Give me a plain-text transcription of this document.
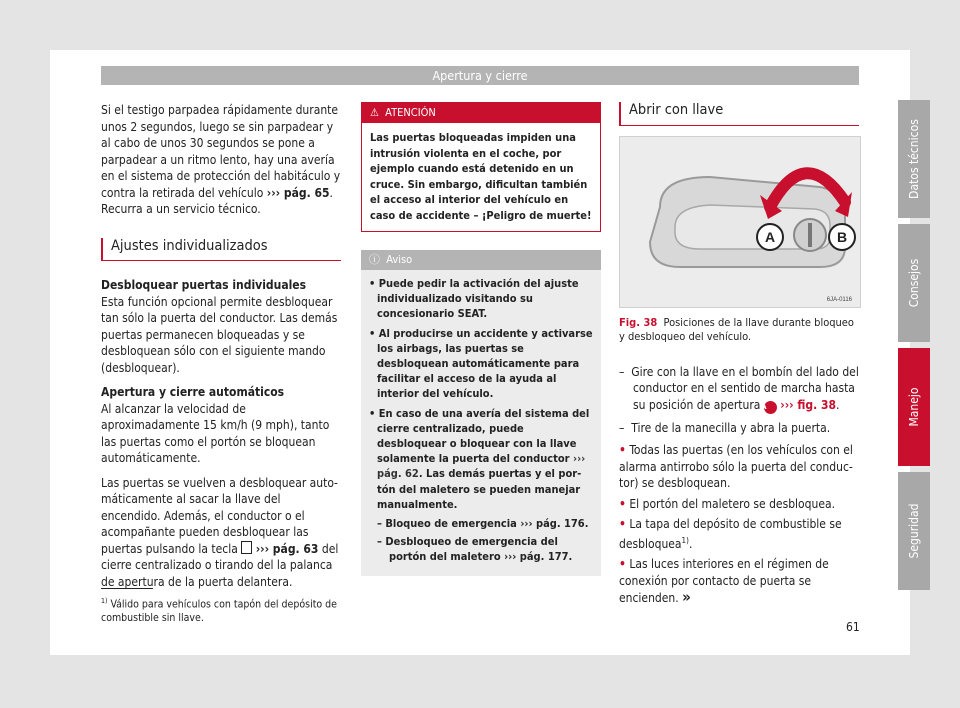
Apertura y cierre

Si el testigo parpadea rápidamente durante unos 2 segundos, luego se sin parpadear y al cabo de unos 30 segundos se pone a parpadear a un ritmo lento, hay una avería en el sistema de protección del habitáculo y contra la retirada del vehículo ››› pág. 65. Recurra a un servicio técnico.

Ajustes individualizados
Desbloquear puertas individuales

Esta función opcional permite desbloquear tan sólo la puerta del conductor. Las demás puertas permanecen bloqueadas y se desbloquean sólo con el siguiente mando (desbloquear).

Apertura y cierre automáticos

Al alcanzar la velocidad de aproximadamente 15 km/h (9 mph), tanto las puertas como el portón se bloquean automáticamente.

Las puertas se vuelven a desbloquear automáticamente al sacar la llave del encendido. Además, el conductor o el acompañante pueden desbloquear las puertas pulsando la tecla ››› pág. 63 del cierre centralizado o tirando del la palanca de apertura de la puerta delantera.

⚠ ATENCIÓN
Las puertas bloqueadas impiden una intrusión violenta en el coche, por ejemplo cuando está detenido en un cruce. Sin embargo, dificultan también el acceso al interior del vehículo en caso de accidente – ¡Peligro de muerte!
ⓘ Aviso
• Puede pedir la activación del ajuste individualizado visitando su concesionario SEAT.
• Al producirse un accidente y activarse los airbags, las puertas se desbloquean automáticamente para facilitar el acceso de la ayuda al interior del vehículo.
• En caso de una avería del sistema del cierre centralizado, puede desbloquear o bloquear con la llave solamente la puerta del conductor ››› pág. 62. Las demás puertas y el portón del maletero se pueden manejar manualmente.
– Bloqueo de emergencia ››› pág. 176.
– Desbloqueo de emergencia del portón del maletero ››› pág. 177.
Abrir con llave
A	B
6JA-0116
Fig. 38 Posiciones de la llave durante bloqueo y desbloqueo del vehículo.
–  Gire con la llave en el bombín del lado del conductor en el sentido de marcha hasta su posición de apertura A ››› fig. 38.
–  Tire de la manecilla y abra la puerta.
• Todas las puertas (en los vehículos con el alarma antirrobo sólo la puerta del conductor) se desbloquean.
• El portón del maletero se desbloquea.
• La tapa del depósito de combustible se desbloquea$^{1)}$.
• Las luces interiores en el régimen de conexión por contacto de puerta se encienden. »
$^{1)}$ Válido para vehículos con tapón del depósito de combustible sin llave.
61
Datos técnicos
Consejos
Manejo
Seguridad
